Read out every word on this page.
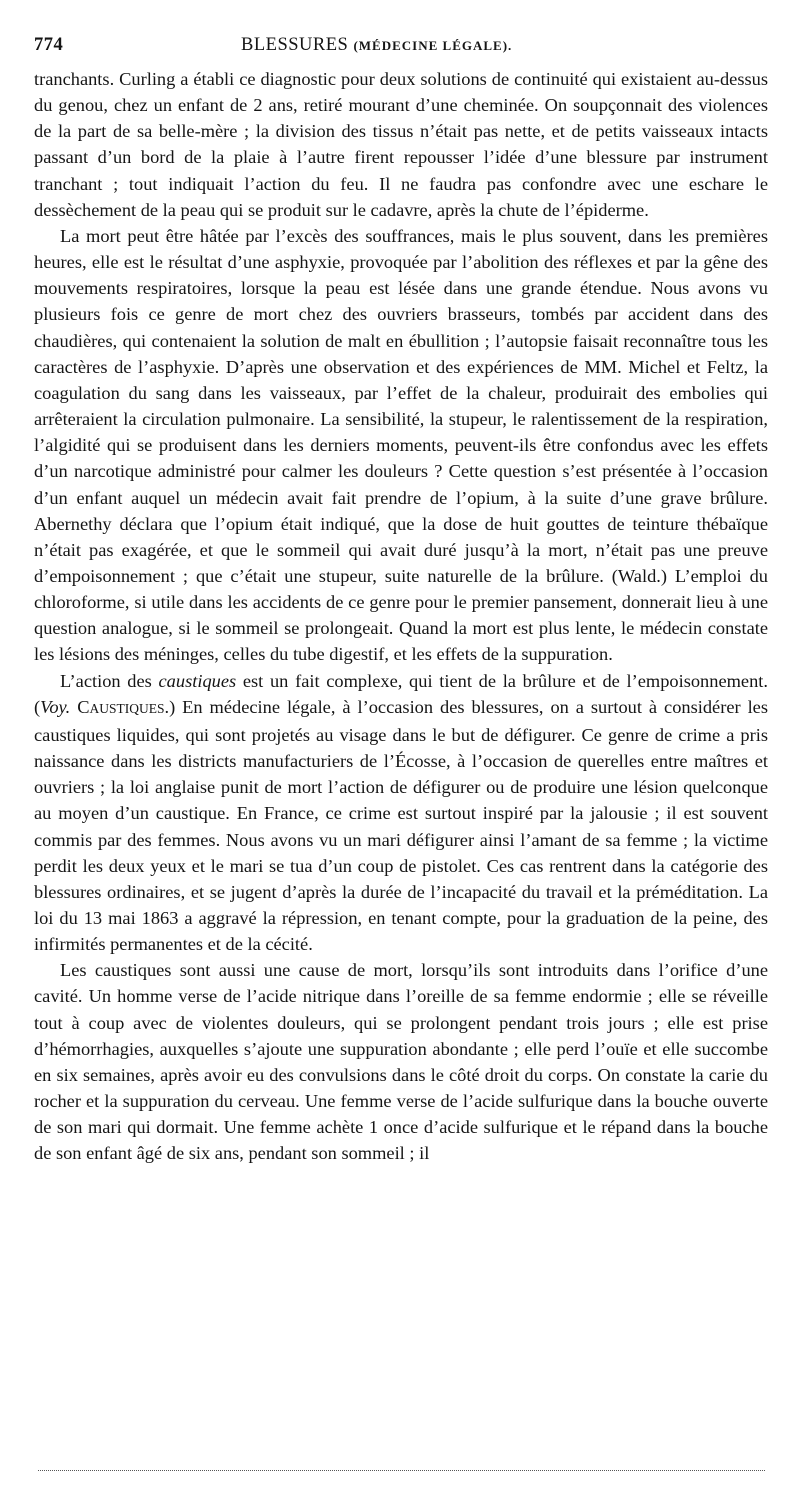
774	BLESSURES (MÉDECINE LÉGALE).

tranchants. Curling a établi ce diagnostic pour deux solutions de continuité qui existaient au-dessus du genou, chez un enfant de 2 ans, retiré mourant d’une cheminée. On soupçonnait des violences de la part de sa belle-mère ; la division des tissus n’était pas nette, et de petits vaisseaux intacts passant d’un bord de la plaie à l’autre firent repousser l’idée d’une blessure par instrument tranchant ; tout indiquait l’action du feu. Il ne faudra pas confondre avec une eschare le dessèchement de la peau qui se produit sur le cadavre, après la chute de l’épiderme.

La mort peut être hâtée par l’excès des souffrances, mais le plus souvent, dans les premières heures, elle est le résultat d’une asphyxie, provoquée par l’abolition des réflexes et par la gêne des mouvements respiratoires, lorsque la peau est lésée dans une grande étendue. Nous avons vu plusieurs fois ce genre de mort chez des ouvriers brasseurs, tombés par accident dans des chaudières, qui contenaient la solution de malt en ébullition ; l’autopsie faisait reconnaître tous les caractères de l’asphyxie. D’après une observation et des expériences de MM. Michel et Feltz, la coagulation du sang dans les vaisseaux, par l’effet de la chaleur, produirait des embolies qui arrêteraient la circulation pulmonaire. La sensibilité, la stupeur, le ralentissement de la respiration, l’algidité qui se produisent dans les derniers moments, peuvent-ils être confondus avec les effets d’un narcotique administré pour calmer les douleurs ? Cette question s’est présentée à l’occasion d’un enfant auquel un médecin avait fait prendre de l’opium, à la suite d’une grave brûlure. Abernethy déclara que l’opium était indiqué, que la dose de huit gouttes de teinture thébaïque n’était pas exagérée, et que le sommeil qui avait duré jusqu’à la mort, n’était pas une preuve d’empoisonnement ; que c’était une stupeur, suite naturelle de la brûlure. (Wald.) L’emploi du chloroforme, si utile dans les accidents de ce genre pour le premier pansement, donnerait lieu à une question analogue, si le sommeil se prolongeait. Quand la mort est plus lente, le médecin constate les lésions des méninges, celles du tube digestif, et les effets de la suppuration.

L’action des caustiques est un fait complexe, qui tient de la brûlure et de l’empoisonnement. (Voy. CAUSTIQUES.) En médecine légale, à l’occasion des blessures, on a surtout à considérer les caustiques liquides, qui sont projetés au visage dans le but de défigurer. Ce genre de crime a pris naissance dans les districts manufacturiers de l’Écosse, à l’occasion de querelles entre maîtres et ouvriers ; la loi anglaise punit de mort l’action de défigurer ou de produire une lésion quelconque au moyen d’un caustique. En France, ce crime est surtout inspiré par la jalousie ; il est souvent commis par des femmes. Nous avons vu un mari défigurer ainsi l’amant de sa femme ; la victime perdit les deux yeux et le mari se tua d’un coup de pistolet. Ces cas rentrent dans la catégorie des blessures ordinaires, et se jugent d’après la durée de l’incapacité du travail et la préméditation. La loi du 13 mai 1863 a aggravé la répression, en tenant compte, pour la graduation de la peine, des infirmités permanentes et de la cécité.

Les caustiques sont aussi une cause de mort, lorsqu’ils sont introduits dans l’orifice d’une cavité. Un homme verse de l’acide nitrique dans l’oreille de sa femme endormie ; elle se réveille tout à coup avec de violentes douleurs, qui se prolongent pendant trois jours ; elle est prise d’hémorrhagies, auxquelles s’ajoute une suppuration abondante ; elle perd l’ouïe et elle succombe en six semaines, après avoir eu des convulsions dans le côté droit du corps. On constate la carie du rocher et la suppuration du cerveau. Une femme verse de l’acide sulfurique dans la bouche ouverte de son mari qui dormait. Une femme achète 1 once d’acide sulfurique et le répand dans la bouche de son enfant âgé de six ans, pendant son sommeil ; il
